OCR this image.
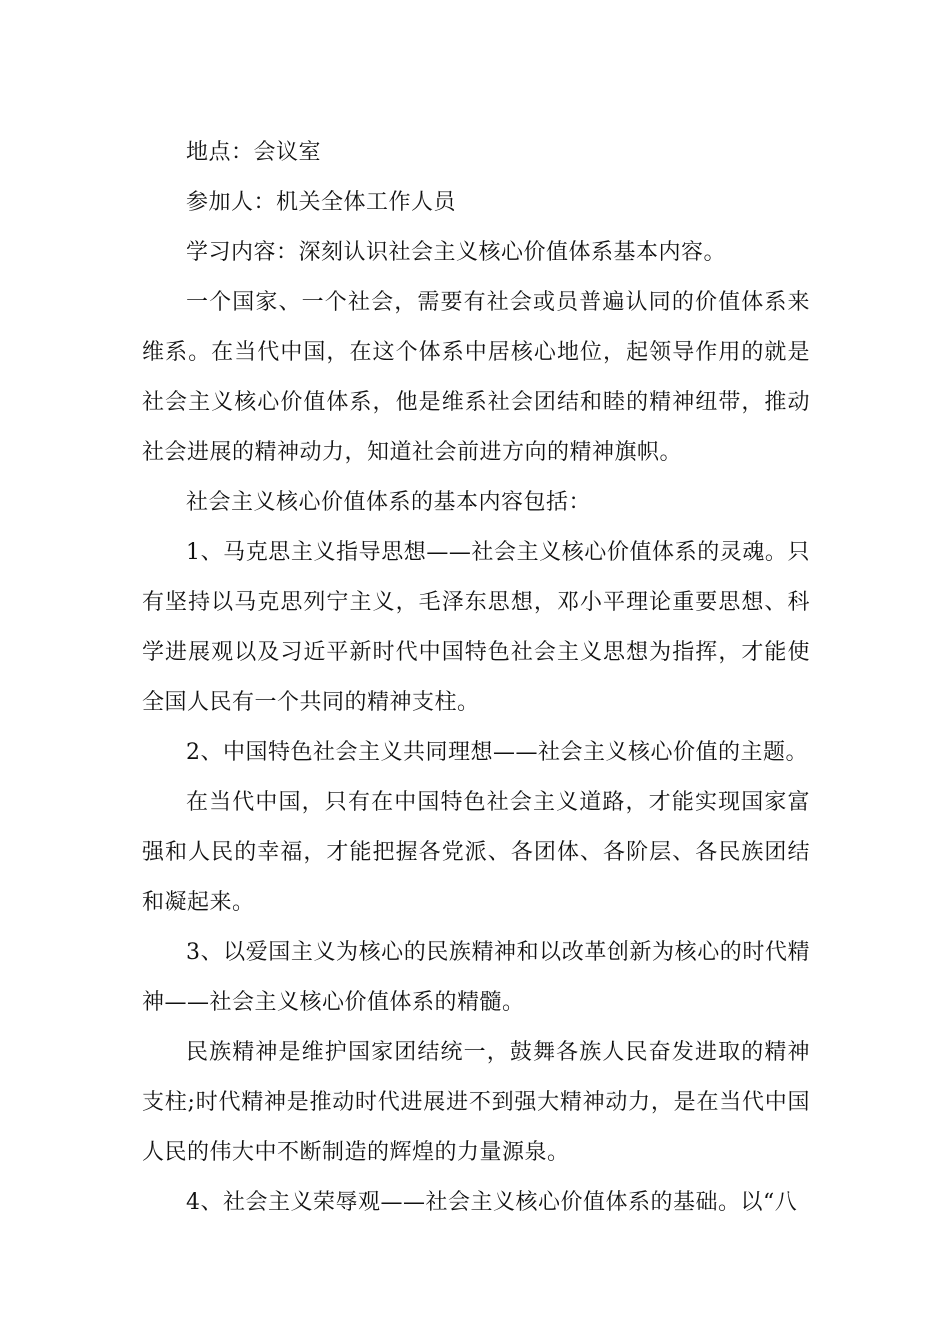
地点：会议室

参加人：机关全体工作人员

学习内容：深刻认识社会主义核心价值体系基本内容。

一个国家、一个社会，需要有社会或员普遍认同的价值体系来维系。在当代中国，在这个体系中居核心地位，起领导作用的就是社会主义核心价值体系，他是维系社会团结和睦的精神纽带，推动社会进展的精神动力，知道社会前进方向的精神旗帜。

社会主义核心价值体系的基本内容包括：

1、马克思主义指导思想——社会主义核心价值体系的灵魂。只有坚持以马克思列宁主义，毛泽东思想，邓小平理论重要思想、科学进展观以及习近平新时代中国特色社会主义思想为指挥，才能使全国人民有一个共同的精神支柱。

2、中国特色社会主义共同理想——社会主义核心价值的主题。

在当代中国，只有在中国特色社会主义道路，才能实现国家富强和人民的幸福，才能把握各党派、各团体、各阶层、各民族团结和凝起来。

3、以爱国主义为核心的民族精神和以改革创新为核心的时代精神——社会主义核心价值体系的精髓。

民族精神是维护国家团结统一，鼓舞各族人民奋发进取的精神支柱;时代精神是推动时代进展进不到强大精神动力，是在当代中国人民的伟大中不断制造的辉煌的力量源泉。

4、社会主义荣辱观——社会主义核心价值体系的基础。以“八
